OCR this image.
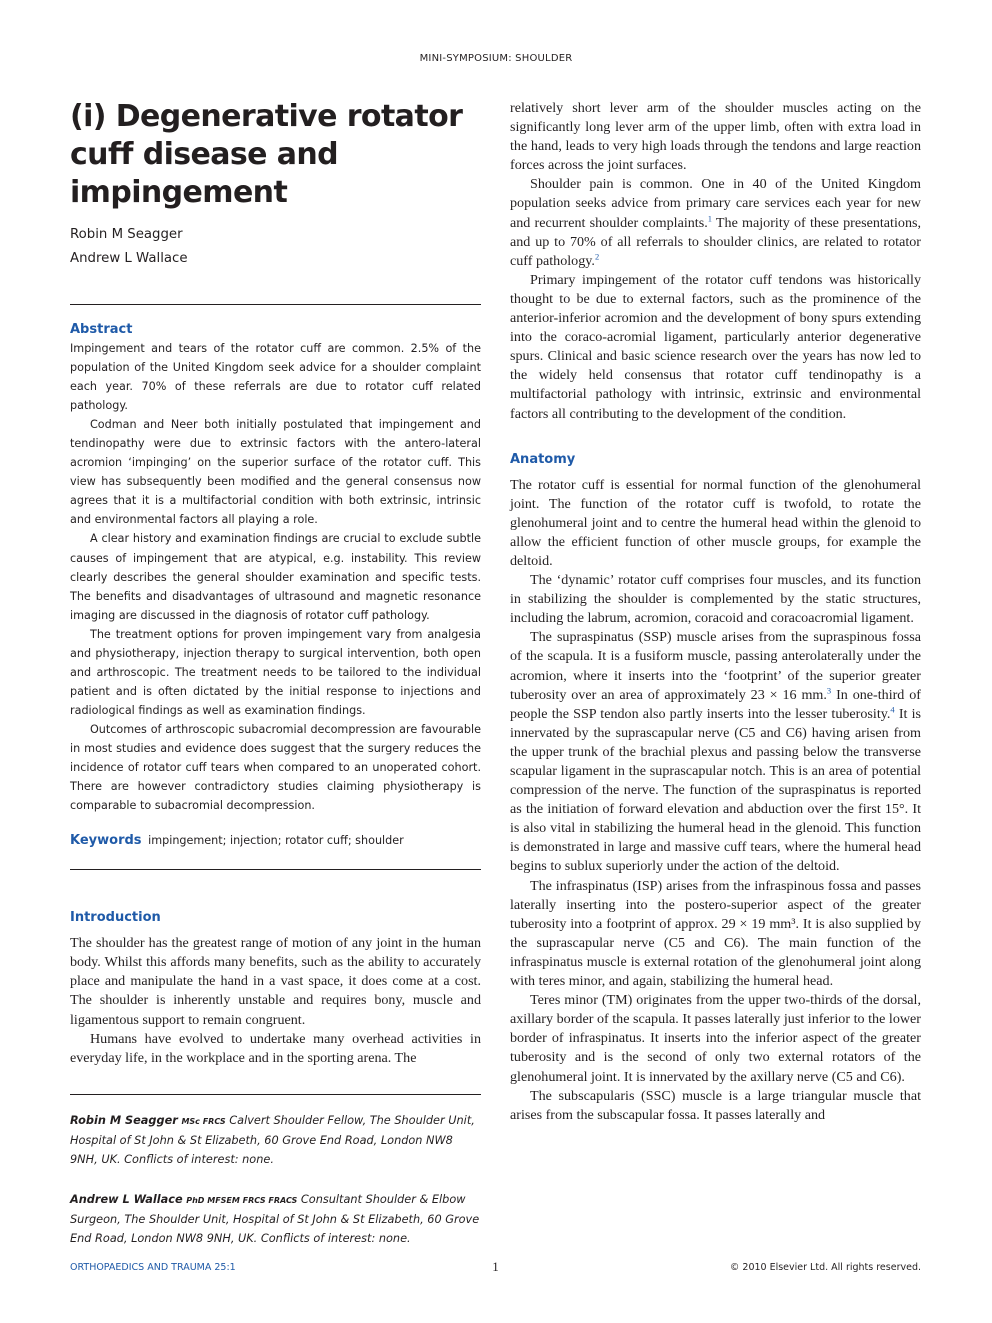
MINI-SYMPOSIUM: SHOULDER
(i) Degenerative rotator cuff disease and impingement
Robin M Seagger
Andrew L Wallace
Abstract

Impingement and tears of the rotator cuff are common. 2.5% of the population of the United Kingdom seek advice for a shoulder complaint each year. 70% of these referrals are due to rotator cuff related pathology.

Codman and Neer both initially postulated that impingement and tendinopathy were due to extrinsic factors with the antero-lateral acromion ‘impinging’ on the superior surface of the rotator cuff. This view has subsequently been modified and the general consensus now agrees that it is a multifactorial condition with both extrinsic, intrinsic and environmental factors all playing a role.

A clear history and examination findings are crucial to exclude subtle causes of impingement that are atypical, e.g. instability. This review clearly describes the general shoulder examination and specific tests. The benefits and disadvantages of ultrasound and magnetic resonance imaging are discussed in the diagnosis of rotator cuff pathology.

The treatment options for proven impingement vary from analgesia and physiotherapy, injection therapy to surgical intervention, both open and arthroscopic. The treatment needs to be tailored to the individual patient and is often dictated by the initial response to injections and radiological findings as well as examination findings.

Outcomes of arthroscopic subacromial decompression are favourable in most studies and evidence does suggest that the surgery reduces the incidence of rotator cuff tears when compared to an unoperated cohort. There are however contradictory studies claiming physiotherapy is comparable to subacromial decompression.

Keywords impingement; injection; rotator cuff; shoulder
Introduction

The shoulder has the greatest range of motion of any joint in the human body. Whilst this affords many benefits, such as the ability to accurately place and manipulate the hand in a vast space, it does come at a cost. The shoulder is inherently unstable and requires bony, muscle and ligamentous support to remain congruent.

Humans have evolved to undertake many overhead activities in everyday life, in the workplace and in the sporting arena. The

Robin M Seagger MSc FRCS Calvert Shoulder Fellow, The Shoulder Unit, Hospital of St John & St Elizabeth, 60 Grove End Road, London NW8 9NH, UK. Conflicts of interest: none.

Andrew L Wallace PhD MFSEM FRCS FRACS Consultant Shoulder & Elbow Surgeon, The Shoulder Unit, Hospital of St John & St Elizabeth, 60 Grove End Road, London NW8 9NH, UK. Conflicts of interest: none.

relatively short lever arm of the shoulder muscles acting on the significantly long lever arm of the upper limb, often with extra load in the hand, leads to very high loads through the tendons and large reaction forces across the joint surfaces.

Shoulder pain is common. One in 40 of the United Kingdom population seeks advice from primary care services each year for new and recurrent shoulder complaints.$^1$ The majority of these presentations, and up to 70% of all referrals to shoulder clinics, are related to rotator cuff pathology.$^2$

Primary impingement of the rotator cuff tendons was historically thought to be due to external factors, such as the prominence of the anterior-inferior acromion and the development of bony spurs extending into the coraco-acromial ligament, particularly anterior degenerative spurs. Clinical and basic science research over the years has now led to the widely held consensus that rotator cuff tendinopathy is a multifactorial pathology with intrinsic, extrinsic and environmental factors all contributing to the development of the condition.

Anatomy

The rotator cuff is essential for normal function of the glenohumeral joint. The function of the rotator cuff is twofold, to rotate the glenohumeral joint and to centre the humeral head within the glenoid to allow the efficient function of other muscle groups, for example the deltoid.

The ‘dynamic’ rotator cuff comprises four muscles, and its function in stabilizing the shoulder is complemented by the static structures, including the labrum, acromion, coracoid and coracoacromial ligament.

The supraspinatus (SSP) muscle arises from the supraspinous fossa of the scapula. It is a fusiform muscle, passing anterolaterally under the acromion, where it inserts into the ‘footprint’ of the superior greater tuberosity over an area of approximately 23 × 16 mm.$^3$ In one-third of people the SSP tendon also partly inserts into the lesser tuberosity.$^4$ It is innervated by the suprascapular nerve (C5 and C6) having arisen from the upper trunk of the brachial plexus and passing below the transverse scapular ligament in the suprascapular notch. This is an area of potential compression of the nerve. The function of the supraspinatus is reported as the initiation of forward elevation and abduction over the first 15°. It is also vital in stabilizing the humeral head in the glenoid. This function is demonstrated in large and massive cuff tears, where the humeral head begins to sublux superiorly under the action of the deltoid.

The infraspinatus (ISP) arises from the infraspinous fossa and passes laterally inserting into the postero-superior aspect of the greater tuberosity into a footprint of approx. 29 × 19 mm³. It is also supplied by the suprascapular nerve (C5 and C6). The main function of the infraspinatus muscle is external rotation of the glenohumeral joint along with teres minor, and again, stabilizing the humeral head.

Teres minor (TM) originates from the upper two-thirds of the dorsal, axillary border of the scapula. It passes laterally just inferior to the lower border of infraspinatus. It inserts into the inferior aspect of the greater tuberosity and is the second of only two external rotators of the glenohumeral joint. It is innervated by the axillary nerve (C5 and C6).

The subscapularis (SSC) muscle is a large triangular muscle that arises from the subscapular fossa. It passes laterally and

ORTHOPAEDICS AND TRAUMA 25:1	1	© 2010 Elsevier Ltd. All rights reserved.
